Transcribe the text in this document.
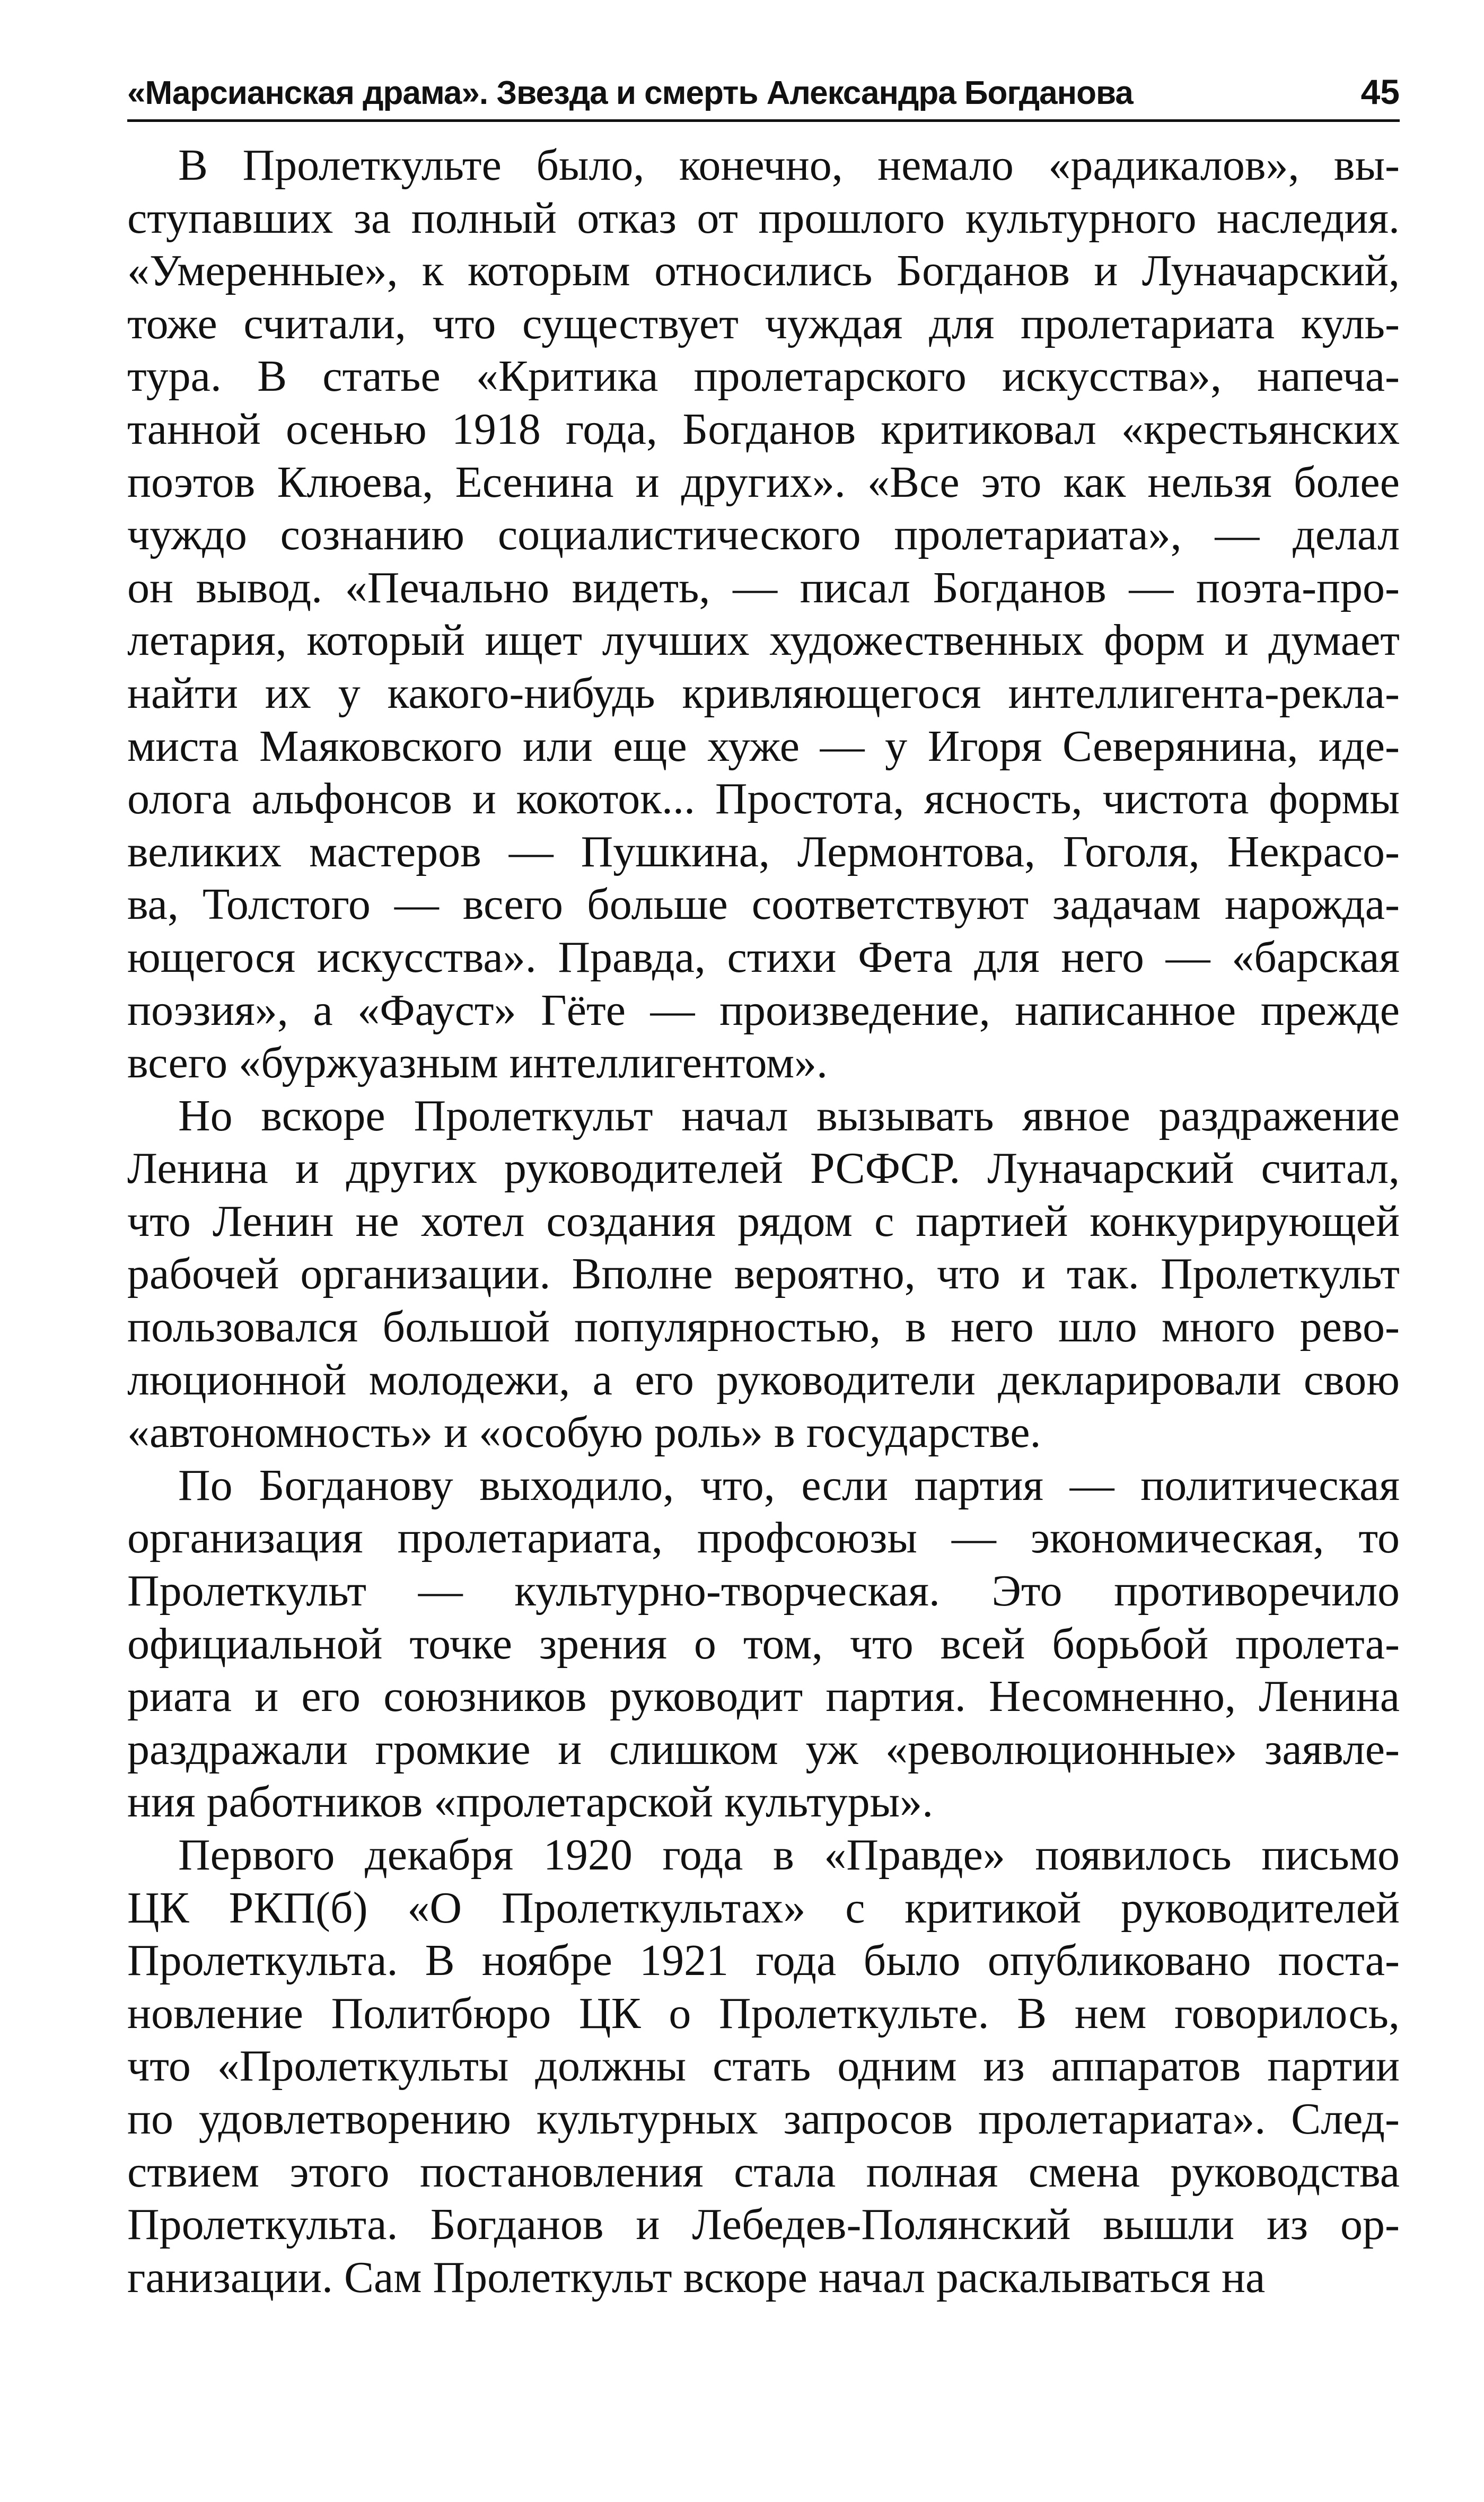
«Марсианская драма». Звезда и смерть Александра Богданова	45
В Пролеткульте было, конечно, немало «радикалов», вы-
ступавших за полный отказ от прошлого культурного наследия.
«Умеренные», к которым относились Богданов и Луначарский,
тоже считали, что существует чуждая для пролетариата куль-
тура. В статье «Критика пролетарского искусства», напеча-
танной осенью 1918 года, Богданов критиковал «крестьянских
поэтов Клюева, Есенина и других». «Все это как нельзя более
чуждо сознанию социалистического пролетариата», — делал
он вывод. «Печально видеть, — писал Богданов — поэта-про-
летария, который ищет лучших художественных форм и думает
найти их у какого-нибудь кривляющегося интеллигента-рекла-
миста Маяковского или еще хуже — у Игоря Северянина, иде-
олога альфонсов и кокоток... Простота, ясность, чистота формы
великих мастеров — Пушкина, Лермонтова, Гоголя, Некрасо-
ва, Толстого — всего больше соответствуют задачам нарожда-
ющегося искусства». Правда, стихи Фета для него — «барская
поэзия», а «Фауст» Гёте — произведение, написанное прежде
всего «буржуазным интеллигентом».
Но вскоре Пролеткульт начал вызывать явное раздражение
Ленина и других руководителей РСФСР. Луначарский считал,
что Ленин не хотел создания рядом с партией конкурирующей
рабочей организации. Вполне вероятно, что и так. Пролеткульт
пользовался большой популярностью, в него шло много рево-
люционной молодежи, а его руководители декларировали свою
«автономность» и «особую роль» в государстве.
По Богданову выходило, что, если партия — политическая
организация пролетариата, профсоюзы — экономическая, то
Пролеткульт — культурно-творческая. Это противоречило
официальной точке зрения о том, что всей борьбой пролета-
риата и его союзников руководит партия. Несомненно, Ленина
раздражали громкие и слишком уж «революционные» заявле-
ния работников «пролетарской культуры».
Первого декабря 1920 года в «Правде» появилось письмо
ЦК РКП(б) «О Пролеткультах» с критикой руководителей
Пролеткульта. В ноябре 1921 года было опубликовано поста-
новление Политбюро ЦК о Пролеткульте. В нем говорилось,
что «Пролеткульты должны стать одним из аппаратов партии
по удовлетворению культурных запросов пролетариата». След-
ствием этого постановления стала полная смена руководства
Пролеткульта. Богданов и Лебедев-Полянский вышли из ор-
ганизации. Сам Пролеткульт вскоре начал раскалываться на
